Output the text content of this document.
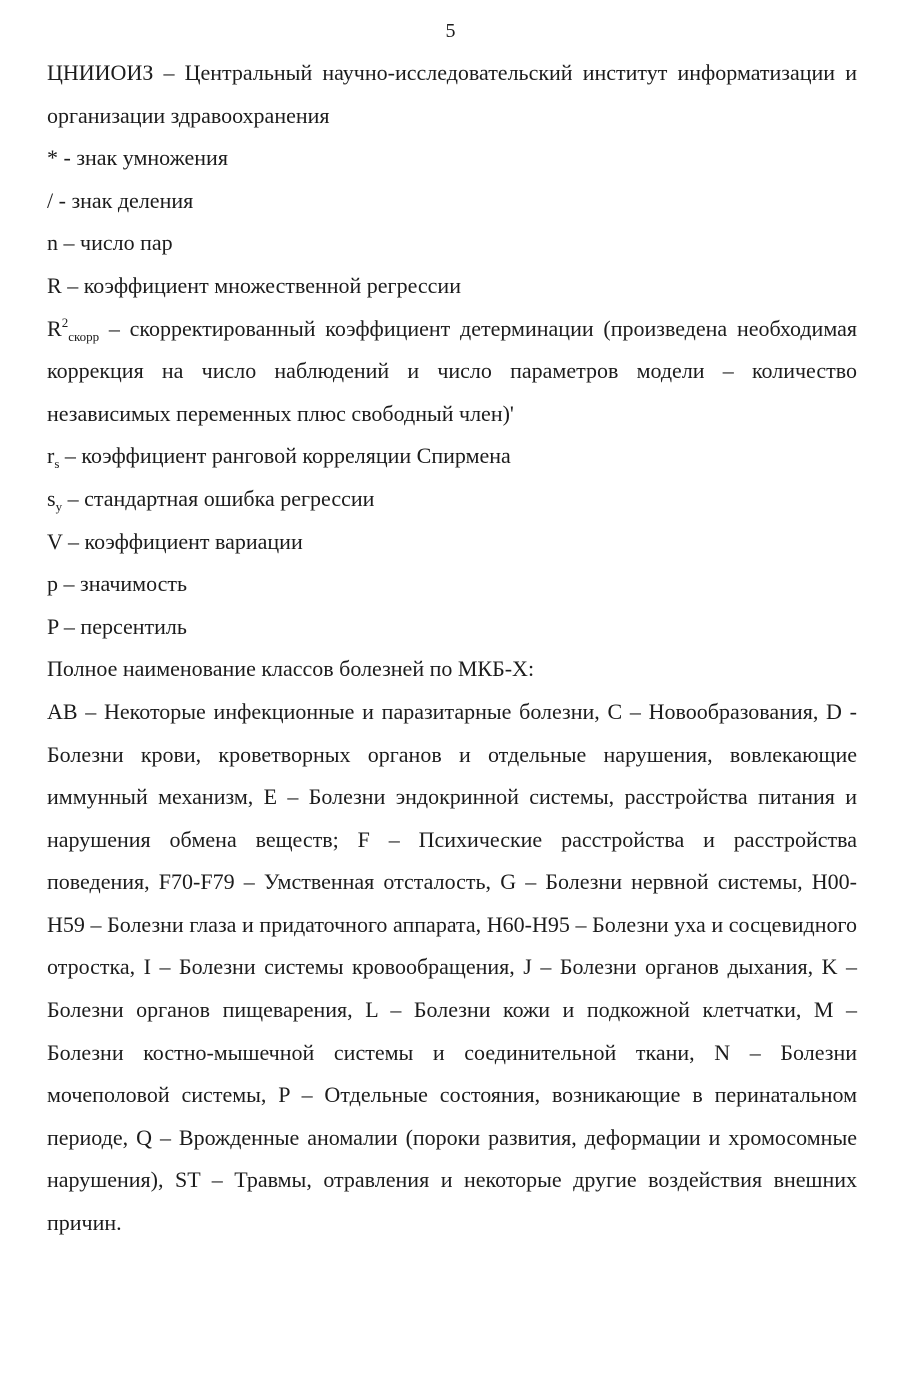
5

ЦНИИОИЗ – Центральный научно-исследовательский институт информатизации и организации здравоохранения

* - знак умножения

/ - знак деления

n – число пар

R – коэффициент множественной регрессии

$R^2_{скорр}$ – скорректированный коэффициент детерминации (произведена необходимая коррекция на число наблюдений и число параметров модели – количество независимых переменных плюс свободный член)'

$r_s$ – коэффициент ранговой корреляции Спирмена

$s_y$ – стандартная ошибка регрессии

V – коэффициент вариации

p – значимость

P – персентиль

Полное наименование классов болезней по МКБ-Х:

АВ – Некоторые инфекционные и паразитарные болезни, С – Новообразования, D - Болезни крови, кроветворных органов и отдельные нарушения, вовлекающие иммунный механизм, Е – Болезни эндокринной системы, расстройства питания и нарушения обмена веществ; F – Психические расстройства и расстройства поведения, F70-F79 – Умственная отсталость, G – Болезни нервной системы, H00-H59 – Болезни глаза и придаточного аппарата, H60-H95 – Болезни уха и сосцевидного отростка, I – Болезни системы кровообращения, J – Болезни органов дыхания, K – Болезни органов пищеварения, L – Болезни кожи и подкожной клетчатки, M – Болезни костно-мышечной системы и соединительной ткани, N – Болезни мочеполовой системы, P – Отдельные состояния, возникающие в перинатальном периоде, Q – Врожденные аномалии (пороки развития, деформации и хромосомные нарушения), ST – Травмы, отравления и некоторые другие воздействия внешних причин.
